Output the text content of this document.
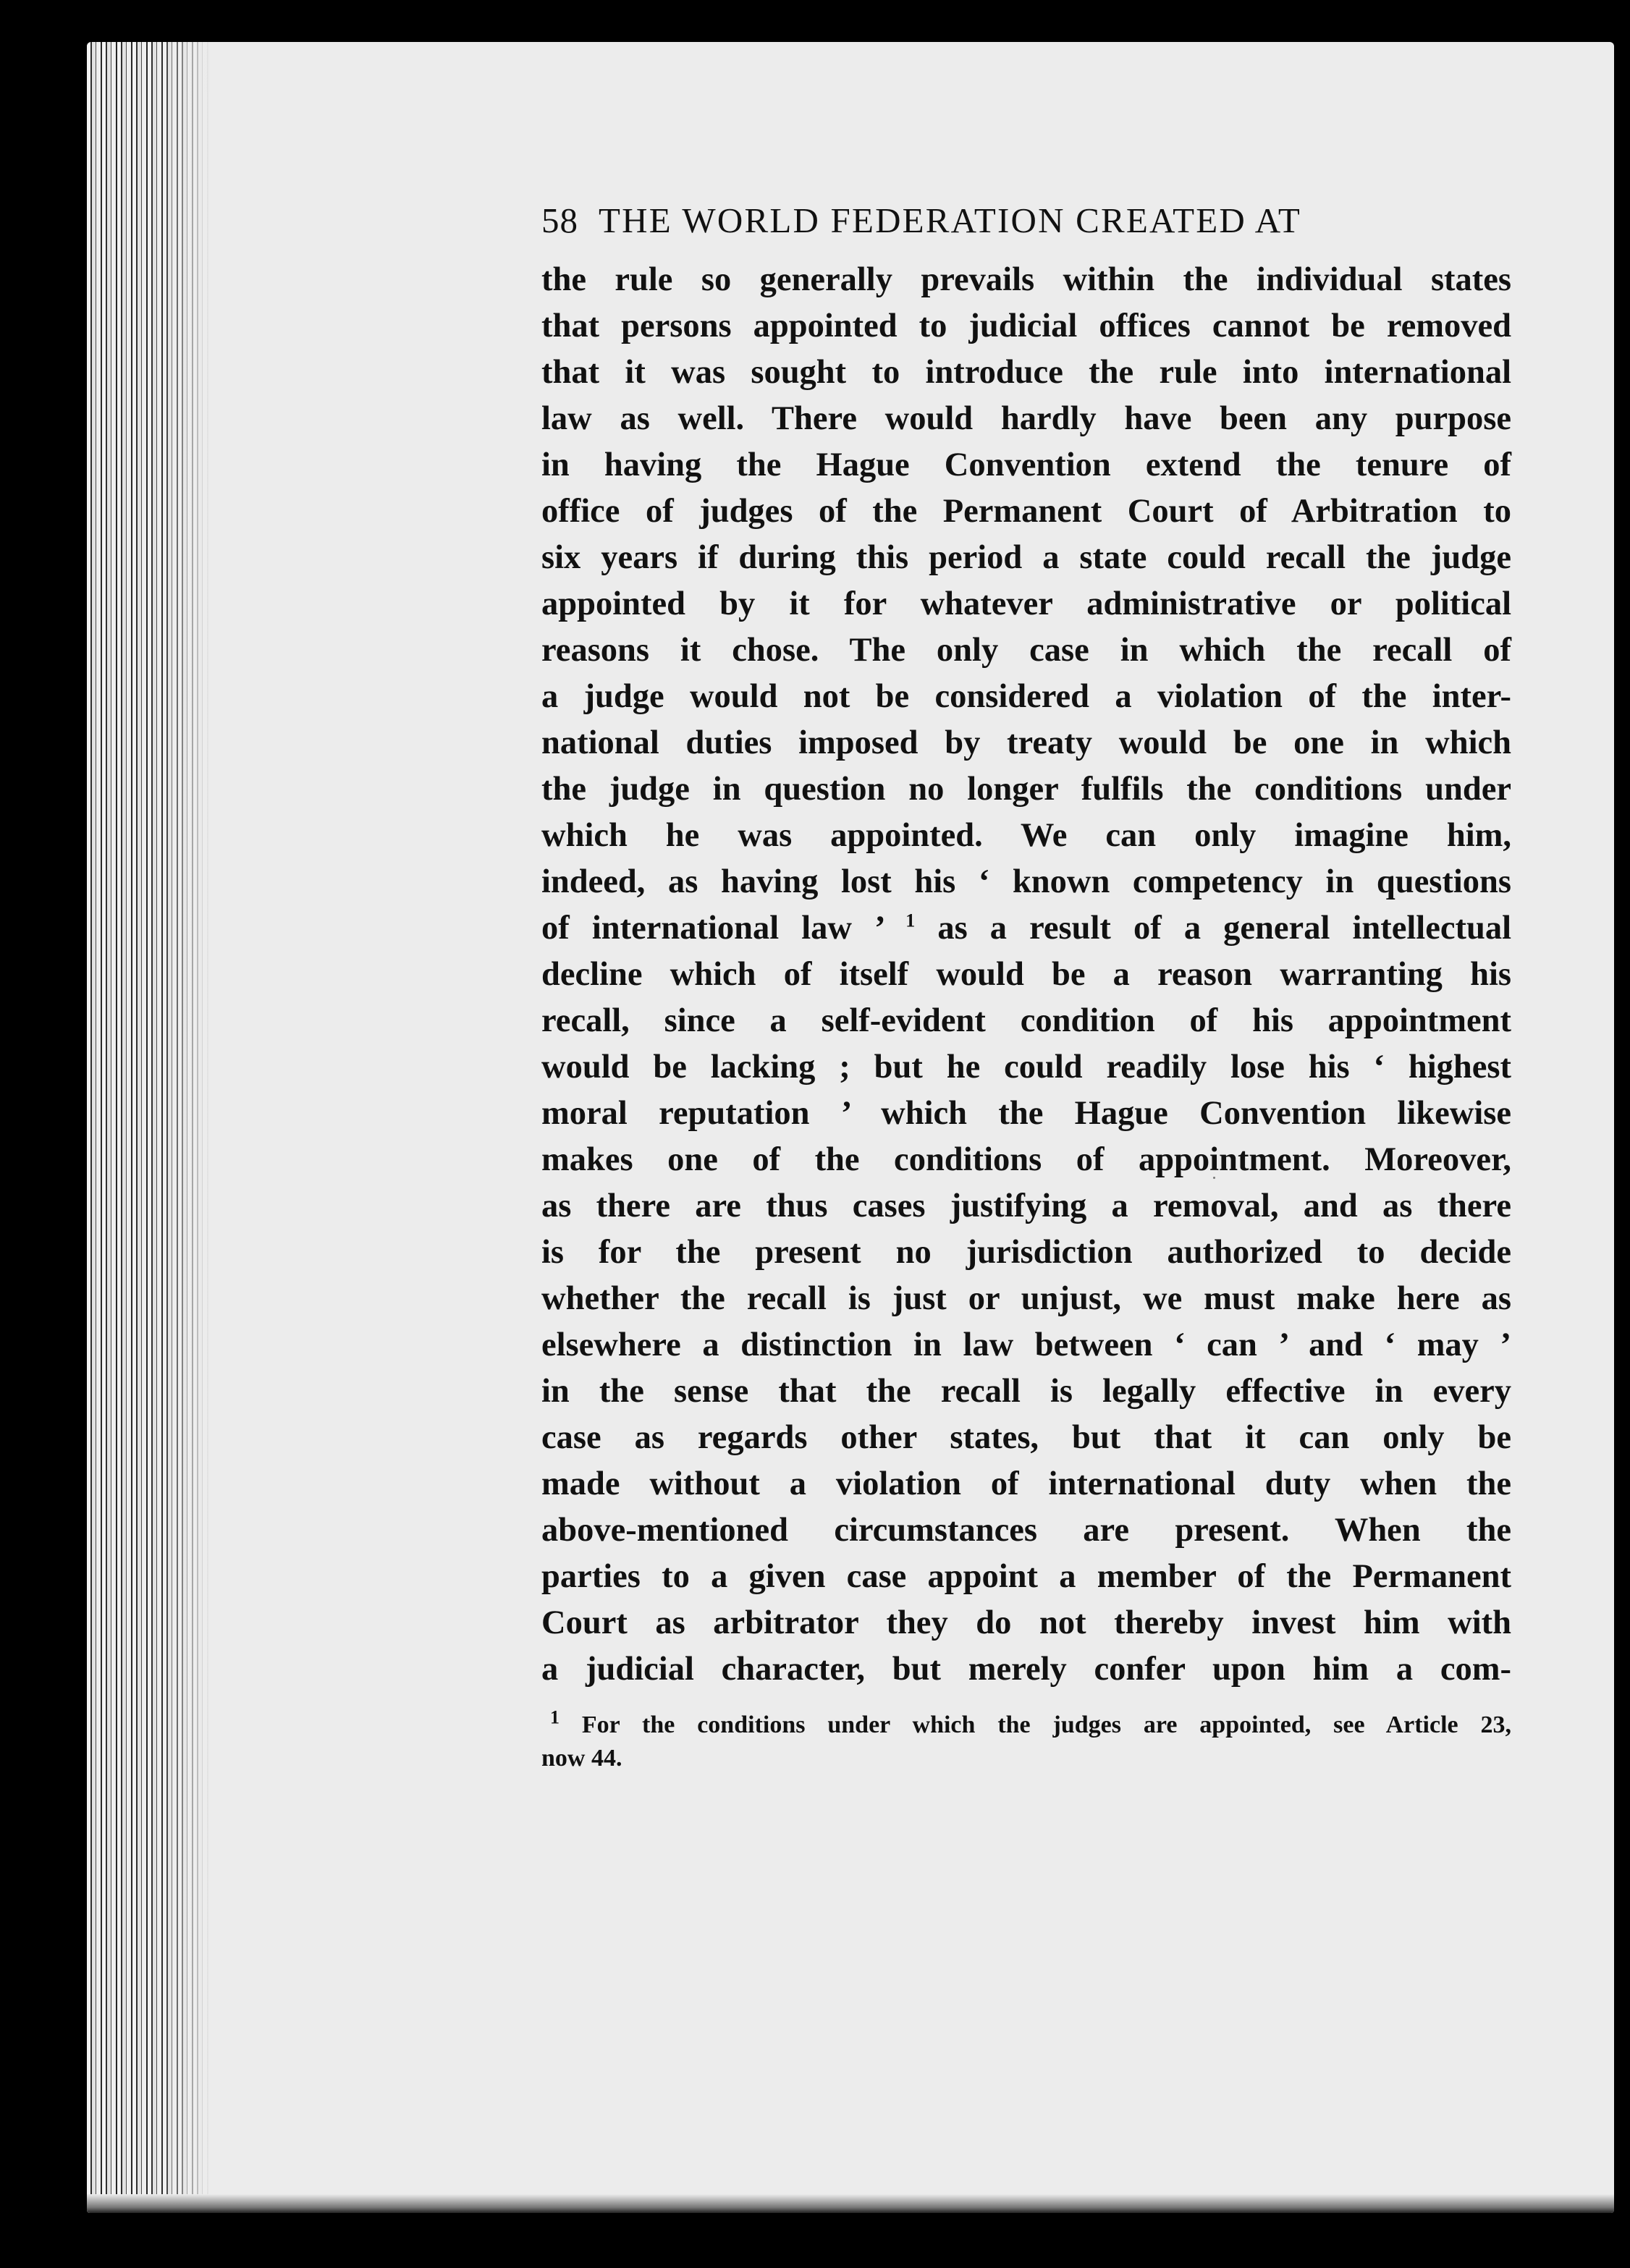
58 THE WORLD FEDERATION CREATED AT
the rule so generally prevails within the individual states
that persons appointed to judicial offices cannot be removed
that it was sought to introduce the rule into international
law as well. There would hardly have been any purpose
in having the Hague Convention extend the tenure of
office of judges of the Permanent Court of Arbitration to
six years if during this period a state could recall the judge
appointed by it for whatever administrative or political
reasons it chose. The only case in which the recall of
a judge would not be considered a violation of the inter-
national duties imposed by treaty would be one in which
the judge in question no longer fulfils the conditions under
which he was appointed. We can only imagine him,
indeed, as having lost his ‘ known competency in questions
of international law ’ $^1$ as a result of a general intellectual
decline which of itself would be a reason warranting his
recall, since a self-evident condition of his appointment
would be lacking ; but he could readily lose his ‘ highest
moral reputation ’ which the Hague Convention likewise
makes one of the conditions of appointment. Moreover,
as there are thus cases justifying a removal, and as there
is for the present no jurisdiction authorized to decide
whether the recall is just or unjust, we must make here as
elsewhere a distinction in law between ‘ can ’ and ‘ may ’
in the sense that the recall is legally effective in every
case as regards other states, but that it can only be
made without a violation of international duty when the
above-mentioned circumstances are present. When the
parties to a given case appoint a member of the Permanent
Court as arbitrator they do not thereby invest him with
a judicial character, but merely confer upon him a com-
$^1$ For the conditions under which the judges are appointed, see Article 23,
now 44.
